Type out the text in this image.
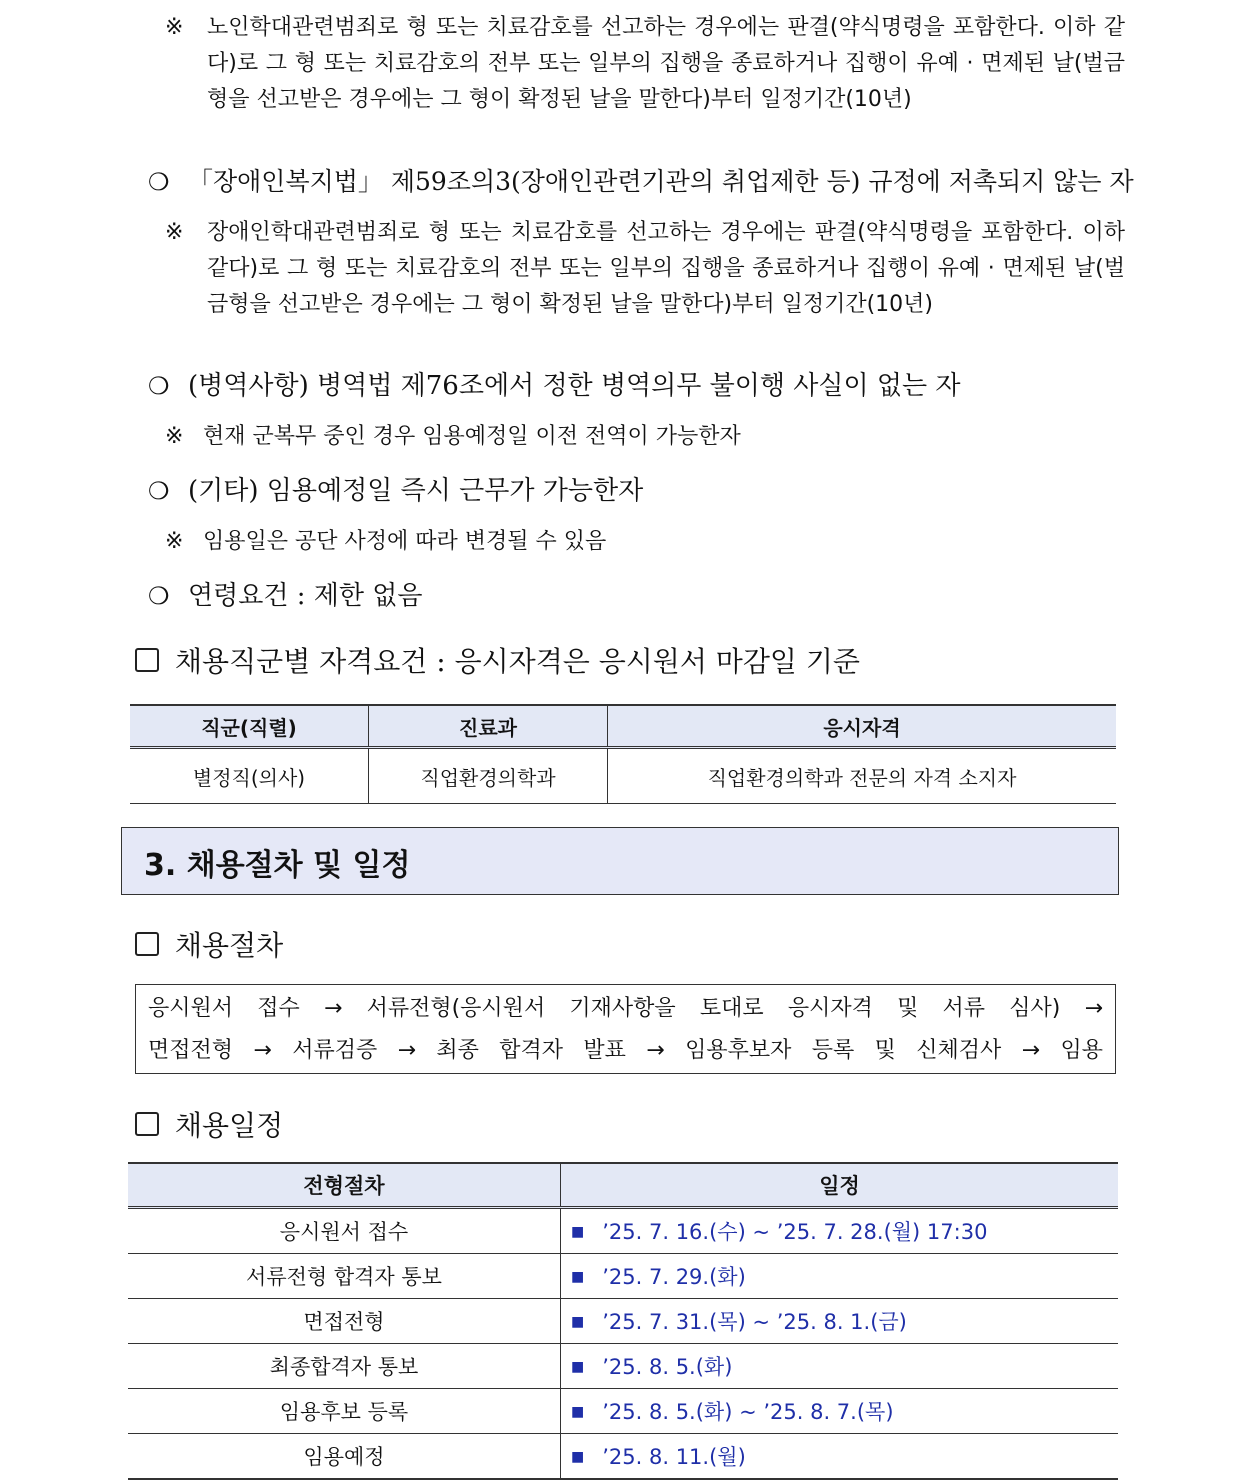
※	노인학대관련범죄로 형 또는 치료감호를 선고하는 경우에는 판결(약식명령을 포함한다. 이하 같다)로 그 형 또는 치료감호의 전부 또는 일부의 집행을 종료하거나 집행이 유예 · 면제된 날(벌금형을 선고받은 경우에는 그 형이 확정된 날을 말한다)부터 일정기간(10년)
❍ 「장애인복지법」 제59조의3(장애인관련기관의 취업제한 등) 규정에 저촉되지 않는 자
※	장애인학대관련범죄로 형 또는 치료감호를 선고하는 경우에는 판결(약식명령을 포함한다. 이하 같다)로 그 형 또는 치료감호의 전부 또는 일부의 집행을 종료하거나 집행이 유예 · 면제된 날(벌금형을 선고받은 경우에는 그 형이 확정된 날을 말한다)부터 일정기간(10년)
❍ (병역사항) 병역법 제76조에서 정한 병역의무 불이행 사실이 없는 자
※ 현재 군복무 중인 경우 임용예정일 이전 전역이 가능한자
❍ (기타) 임용예정일 즉시 근무가 가능한자
※ 임용일은 공단 사정에 따라 변경될 수 있음
❍ 연령요건 : 제한 없음
채용직군별 자격요건 : 응시자격은 응시원서 마감일 기준
직군(직렬)	진료과	응시자격
별정직(의사)	직업환경의학과	직업환경의학과 전문의 자격 소지자
3. 채용절차 및 일정
채용절차
응시원서 접수 → 서류전형(응시원서 기재사항을 토대로 응시자격 및 서류 심사) →
면접전형 → 서류검증 → 최종 합격자 발표 → 임용후보자 등록 및 신체검사 → 임용
채용일정
전형절차	일정
응시원서 접수	■ ’25. 7. 16.(수) ~ ’25. 7. 28.(월) 17:30
서류전형 합격자 통보	■ ’25. 7. 29.(화)
면접전형	■ ’25. 7. 31.(목) ~ ’25. 8. 1.(금)
최종합격자 통보	■ ’25. 8. 5.(화)
임용후보 등록	■ ’25. 8. 5.(화) ~ ’25. 8. 7.(목)
임용예정	■ ’25. 8. 11.(월)
